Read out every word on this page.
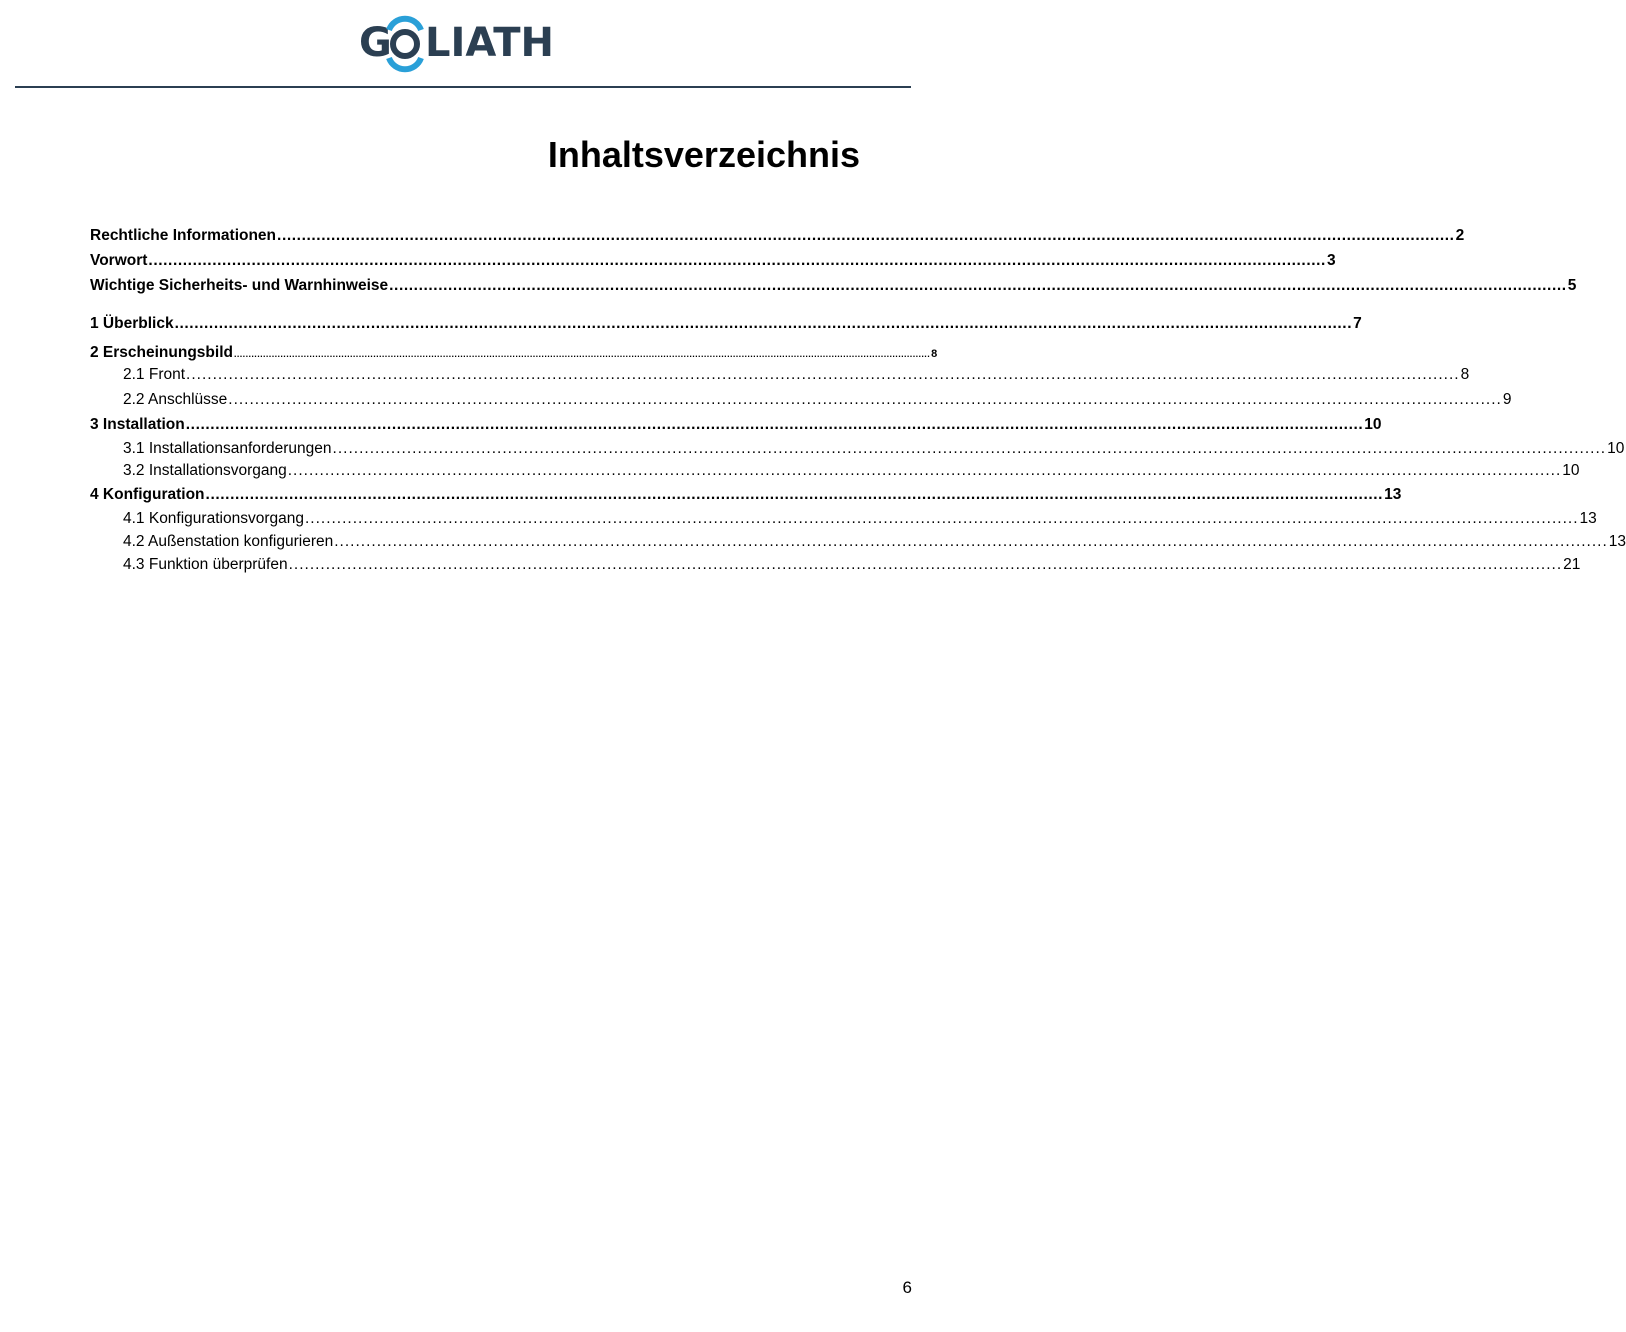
G LIATH
Inhaltsverzeichnis
Rechtliche Informationen .....	2
Vorwort .....	3
Wichtige Sicherheits- und Warnhinweise .....	5
1 Überblick .....	7
2 Erscheinungsbild .....	8
2.1 Front .....	8
2.2 Anschlüsse .....	9
3 Installation .....	10
3.1 Installationsanforderungen .....	10
3.2 Installationsvorgang .....	10
4 Konfiguration .....	13
4.1 Konfigurationsvorgang .....	13
4.2 Außenstation konfigurieren .....	13
4.3 Funktion überprüfen .....	21
6
